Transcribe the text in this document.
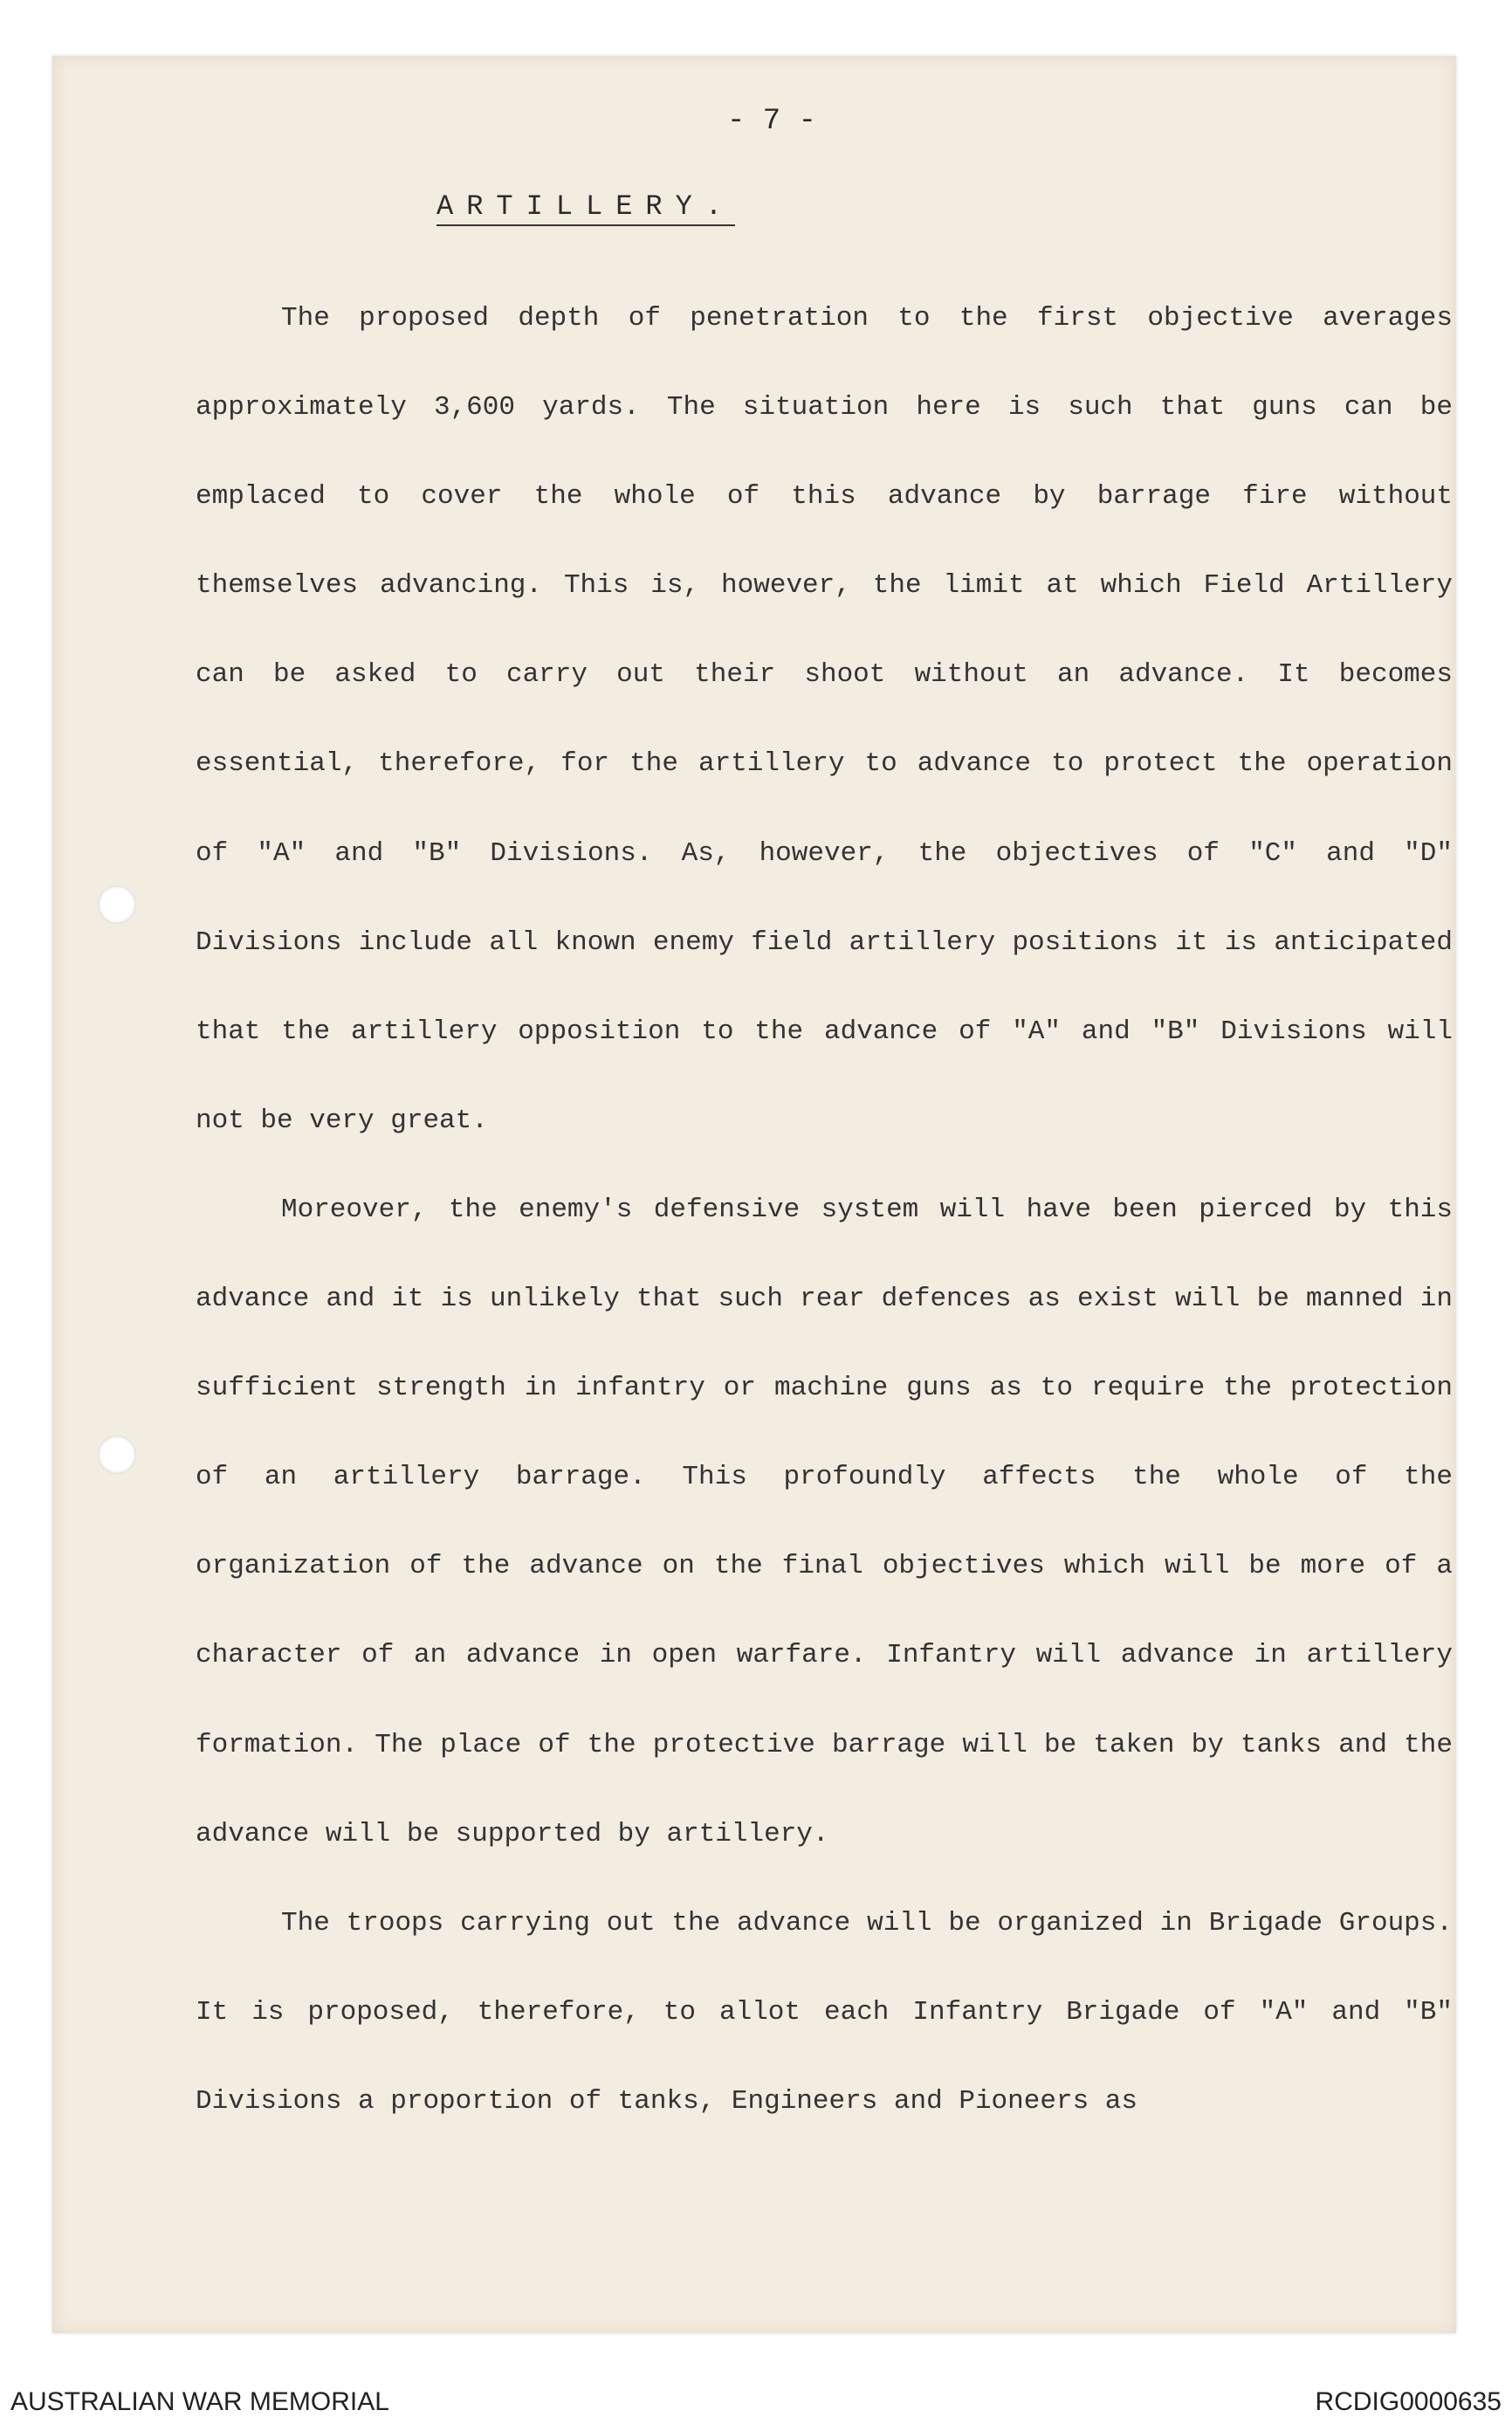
- 7 -
ARTILLERY.

The proposed depth of penetration to the first objective averages approximately 3,600 yards. The situation here is such that guns can be emplaced to cover the whole of this advance by barrage fire without themselves advancing. This is, however, the limit at which Field Artillery can be asked to carry out their shoot without an advance. It becomes essential, therefore, for the artillery to advance to protect the operation of "A" and "B" Divisions. As, however, the objectives of "C" and "D" Divisions include all known enemy field artillery positions it is anticipated that the artillery opposition to the advance of "A" and "B" Divisions will not be very great.

Moreover, the enemy's defensive system will have been pierced by this advance and it is unlikely that such rear defences as exist will be manned in sufficient strength in infantry or machine guns as to require the protection of an artillery barrage. This profoundly affects the whole of the organization of the advance on the final objectives which will be more of a character of an advance in open warfare. Infantry will advance in artillery formation. The place of the protective barrage will be taken by tanks and the advance will be supported by artillery.

The troops carrying out the advance will be organized in Brigade Groups. It is proposed, therefore, to allot each Infantry Brigade of "A" and "B" Divisions a proportion of tanks, Engineers and Pioneers as

AUSTRALIAN WAR MEMORIAL	RCDIG0000635
